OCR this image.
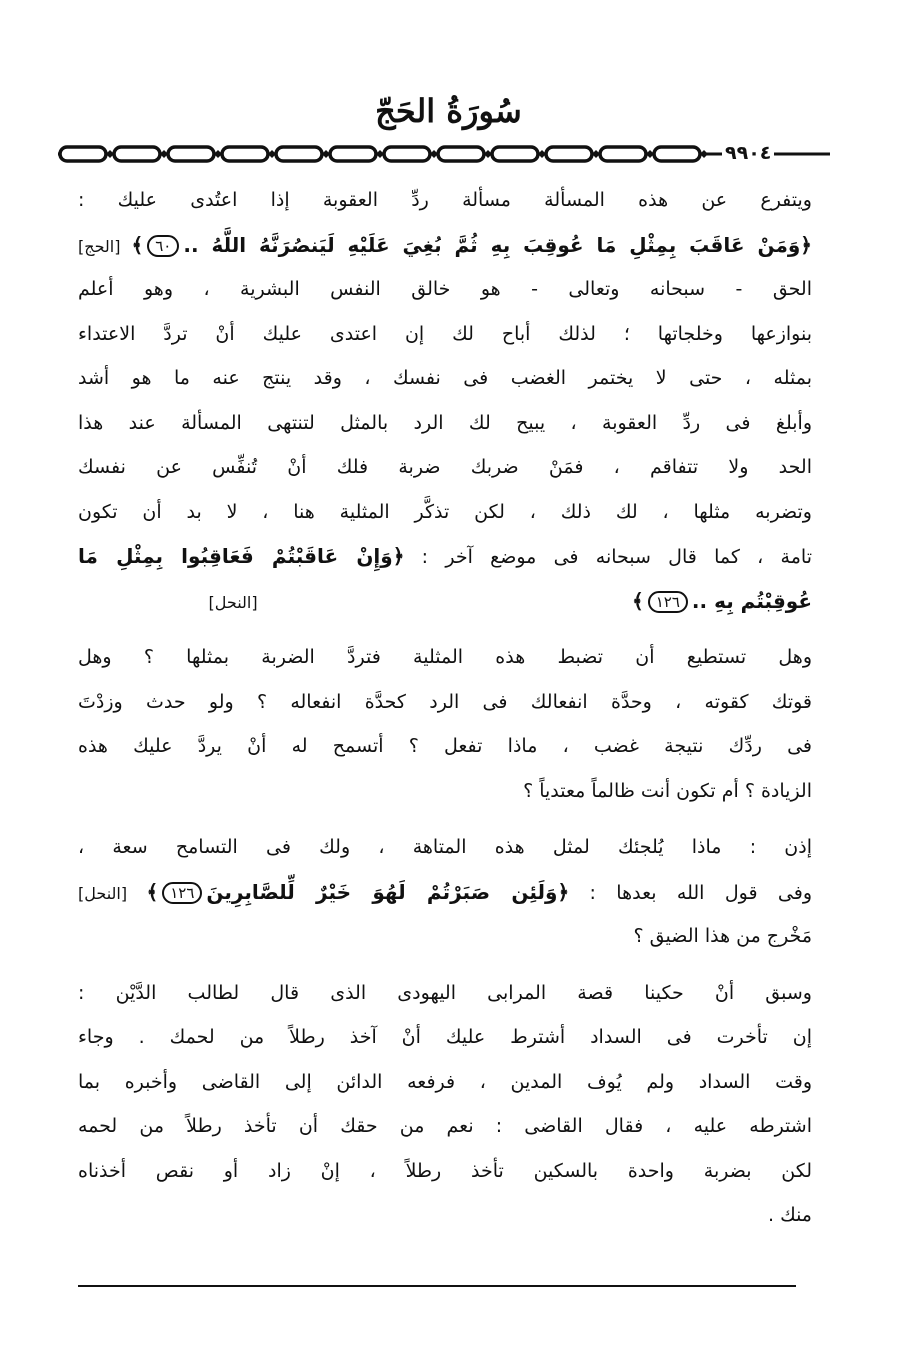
سُورَةُ الحَجّ
٩٩٠٤
ويتفرع عن هذه المسألة مسألة ردِّ العقوبة إذا اعتُدى عليك :
﴿وَمَنْ عَاقَبَ بِمِثْلِ مَا عُوقِبَ بِهِ ثُمَّ بُغِيَ عَلَيْهِ لَيَنصُرَنَّهُ اللَّهُ ..٦٠﴾ [الحج]
الحق - سبحانه وتعالى - هو خالق النفس البشرية ، وهو أعلم
بنوازعها وخلجاتها ؛ لذلك أباح لك إن اعتدى عليك أنْ تردَّ الاعتداء
بمثله ، حتى لا يختمر الغضب فى نفسك ، وقد ينتج عنه ما هو أشد
وأبلغ فى ردِّ العقوبة ، يبيح لك الرد بالمثل لتنتهى المسألة عند هذا
الحد ولا تتفاقم ، فمَنْ ضربك ضربة فلك أنْ تُنفِّس عن نفسك
وتضربه مثلها ، لك ذلك ، لكن تذكَّر المثلية هنا ، لا بد أن تكون
تامة ، كما قال سبحانه فى موضع آخر : ﴿وَإِنْ عَاقَبْتُمْ فَعَاقِبُوا بِمِثْلِ مَا
عُوقِبْتُم بِهِ ..١٢٦﴾                                                              [النحل]
وهل تستطيع أن تضبط هذه المثلية فتردَّ الضربة بمثلها ؟ وهل
قوتك كقوته ، وحدَّة انفعالك فى الرد كحدَّة انفعاله ؟ ولو حدث وزدْتَ
فى ردِّك نتيجة غضب ، ماذا تفعل ؟ أتسمح له أنْ يردَّ عليك هذه
الزيادة ؟ أم تكون أنت ظالماً معتدياً ؟
إذن : ماذا يُلجئك لمثل هذه المتاهة ، ولك فى التسامح سعة ،
وفى قول الله بعدها : ﴿وَلَئِن صَبَرْتُمْ لَهُوَ خَيْرٌ لِّلصَّابِرِينَ١٢٦﴾ [النحل]
مَخْرج من هذا الضيق ؟
وسبق أنْ حكينا قصة المرابى اليهودى الذى قال لطالب الدَّيْن :
إن تأخرت فى السداد أشترط عليك أنْ آخذ رطلاً من لحمك . وجاء
وقت السداد ولم يُوف المدين ، فرفعه الدائن إلى القاضى وأخبره بما
اشترطه عليه ، فقال القاضى : نعم من حقك أن تأخذ رطلاً من لحمه
لكن بضربة واحدة بالسكين تأخذ رطلاً ، إنْ زاد أو نقص أخذناه
منك .
